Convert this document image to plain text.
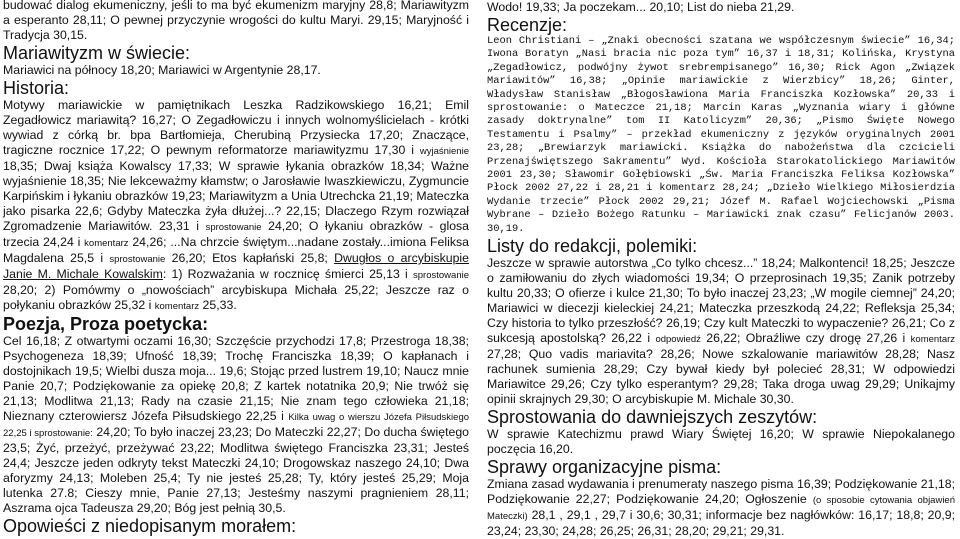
budować dialog ekumeniczny, jeśli to ma być ekumenizm maryjny 28,8; Mariawityzm a esperanto 28,11; O pewnej przyczynie wrogości do kultu Maryi. 29,15; Maryjność i Tradycja 30,15.

Mariawityzm w świecie:

Mariawici na północy 18,20; Mariawici w Argentynie 28,17.

Historia:

Motywy mariawickie w pamiętnikach Leszka Radzikowskiego 16,21; Emil Zegadłowicz mariawitą? 16,27; O Zegadłowiczu i innych wolnomyślicielach - krótki wywiad z córką br. bpa Bartłomieja, Cherubiną Przysiecka 17,20; Znaczące, tragiczne rocznice 17,22; O pewnym reformatorze mariawityzmu 17,30 i wyjaśnienie 18,35; Dwaj książa Kowalscy 17,33; W sprawie łykania obrazków 18,34; Ważne wyjaśnienie 18,35; Nie lekceważmy kłamstw; o Jarosławie Iwaszkiewiczu, Zygmuncie Karpińskim i łykaniu obrazków 19,23; Mariawityzm a Unia Utrechcka 21,19; Mateczka jako pisarka 22,6; Gdyby Mateczka żyła dłużej...? 22,15; Dlaczego Rzym rozwiązał Zgromadzenie Mariawitów. 23,31 i sprostowanie 24,20; O łykaniu obrazków - glosa trzecia 24,24 i komentarz 24,26; ...Na chrzcie świętym...nadane zostały...imiona Feliksa Magdalena 25,5 i sprostowanie 26,20; Etos kapłański 25,8; Dwugłos o arcybiskupie Janie M. Michale Kowalskim: 1) Rozważania w rocznicę śmierci 25,13 i sprostowanie 28,20; 2) Pomówmy o „nowościach” arcybiskupa Michała 25,22; Jeszcze raz o połykaniu obrazków 25,32 i komentarz 25,33.

Poezja, Proza poetycka:

Cel 16,18; Z otwartymi oczami 16,30; Szczęście przychodzi 17,8; Przestroga 18,38; Psychogeneza 18,39; Ufność 18,39; Trochę Franciszka 18,39; O kapłanach i dostojnikach 19,5; Wielbi dusza moja... 19,6; Stojąc przed lustrem 19,10; Naucz mnie Panie 20,7; Podziękowanie za opiekę 20,8; Z kartek notatnika 20,9; Nie trwóż się 21,13; Modlitwa 21,13; Rady na czasie 21,15; Nie znam tego człowieka 21,18; Nieznany czterowiersz Józefa Piłsudskiego 22,25 i Kilka uwag o wierszu Józefa Piłsudskiego 22,25 i sprostowanie: 24,20; To było inaczej 23,23; Do Mateczki 22,27; Do ducha świętego 23,5; Żyć, przeżyć, przeżywać 23,22; Modlitwa świętego Franciszka 23,31; Jesteś 24,4; Jeszcze jeden odkryty tekst Mateczki 24,10; Drogowskaz naszego 24,10; Dwa aforyzmy 24,13; Moleben 25,4; Ty nie jesteś 25,28; Ty, który jesteś 25,29; Moja lutenka 27.8; Cieszy mnie, Panie 27,13; Jesteśmy naszymi pragnieniem 28,11; Aszrama ojca Tadeusza 29,20; Bóg jest pełnią 30,5.

Opowieści z niedopisanym morałem:

Wodo! 19,33; Ja poczekam... 20,10; List do nieba 21,29.

Recenzje:

Leon Christiani – „Znaki obecności szatana we współczesnym świecie” 16,34; Iwona Boratyn „Nasi bracia nic poza tym” 16,37 i 18,31; Kolińska, Krystyna „Zegadłowicz, podwójny żywot srebrempisanego” 16,30; Rick Agon „Związek Mariawitów” 16,38; „Opinie mariawickie z Wierzbicy” 18,26; Ginter, Władysław Stanisław „Błogosławiona Maria Franciszka Kozłowska” 20,33 i sprostowanie: o Mateczce 21,18; Marcin Karas „Wyznania wiary i główne zasady doktrynalne” tom II Katolicyzm” 20,36; „Pismo Święte Nowego Testamentu i Psalmy” – przekład ekumeniczny z języków oryginalnych 2001 23,28; „Brewiarzyk mariawicki. Książka do nabożeństwa dla czcicieli Przenajświętszego Sakramentu” Wyd. Kościoła Starokatolickiego Mariawitów 2001 23,30; Sławomir Gołębiowski „Św. Maria Franciszka Feliksa Kozłowska” Płock 2002 27,22 i 28,21 i komentarz 28,24; „Dzieło Wielkiego Miłosierdzia Wydanie trzecie” Płock 2002 29,21; Józef M. Rafael Wojciechowski „Pisma Wybrane – Dzieło Bożego Ratunku – Mariawicki znak czasu” Felicjanów 2003. 30,19.

Listy do redakcji, polemiki:

Jeszcze w sprawie autorstwa „Co tylko chcesz...” 18,24; Malkontenci! 18,25; Jeszcze o zamiłowaniu do złych wiadomości 19,34; O przeprosinach 19,35; Zanik potrzeby kultu 20,33; O ofierze i kulce 21,30; To było inaczej 23,23; „W mogile ciemnej” 24,20; Mariawici w diecezji kieleckiej 24,21; Mateczka przeszkodą 24,22; Refleksja 25,34; Czy historia to tylko przeszłość? 26,19; Czy kult Mateczki to wypaczenie? 26,21; Co z sukcesją apostolską? 26,22 i odpowiedź 26,22; Obraźliwe czy drogę 27,26 i komentarz 27,28; Quo vadis mariavita? 28,26; Nowe szkalowanie mariawitów 28,28; Nasz rachunek sumienia 28,29; Czy bywał kiedy był polecieć 28,31; W odpowiedzi Mariawitce 29,26; Czy tylko esperantym? 29,28; Taka droga uwag 29,29; Unikajmy opinii skrajnych 29,30; O arcybiskupie M. Michale 30,30.

Sprostowania do dawniejszych zeszytów:

W sprawie Katechizmu prawd Wiary Świętej 16,20; W sprawie Niepokalanego poczęcia 16,20.

Sprawy organizacyjne pisma:

Zmiana zasad wydawania i prenumeraty naszego pisma 16,39; Podziękowanie 21,18; Podziękowanie 22,27; Podziękowanie 24,20; Ogłoszenie (o sposobie cytowania objawień Mateczki) 28,1 , 29,1 , 29,7 i 30,6; 30,31; informacje bez nagłówków: 16,17; 18,8; 20,9; 23,24; 23,30; 24,28; 26,25; 26,31; 28,20; 29,21; 29,31.
